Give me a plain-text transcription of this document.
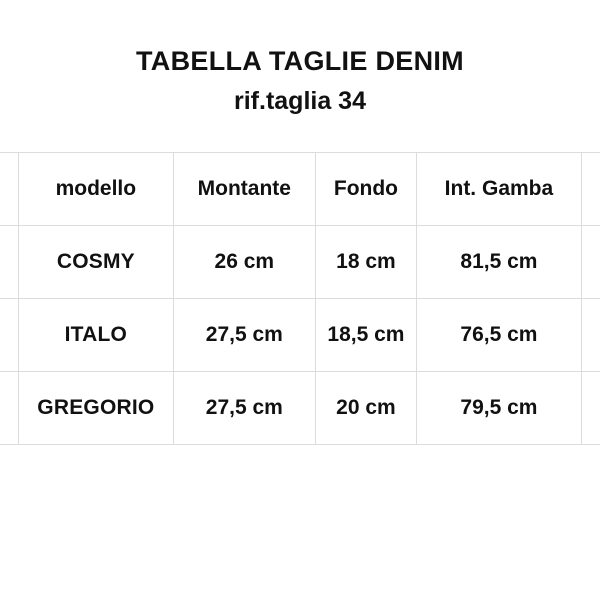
TABELLA TAGLIE DENIM
rif.taglia 34
	modello	Montante	Fondo	Int. Gamba	
	COSMY	26 cm	18 cm	81,5 cm	
	ITALO	27,5 cm	18,5 cm	76,5 cm	
	GREGORIO	27,5 cm	20 cm	79,5 cm	
